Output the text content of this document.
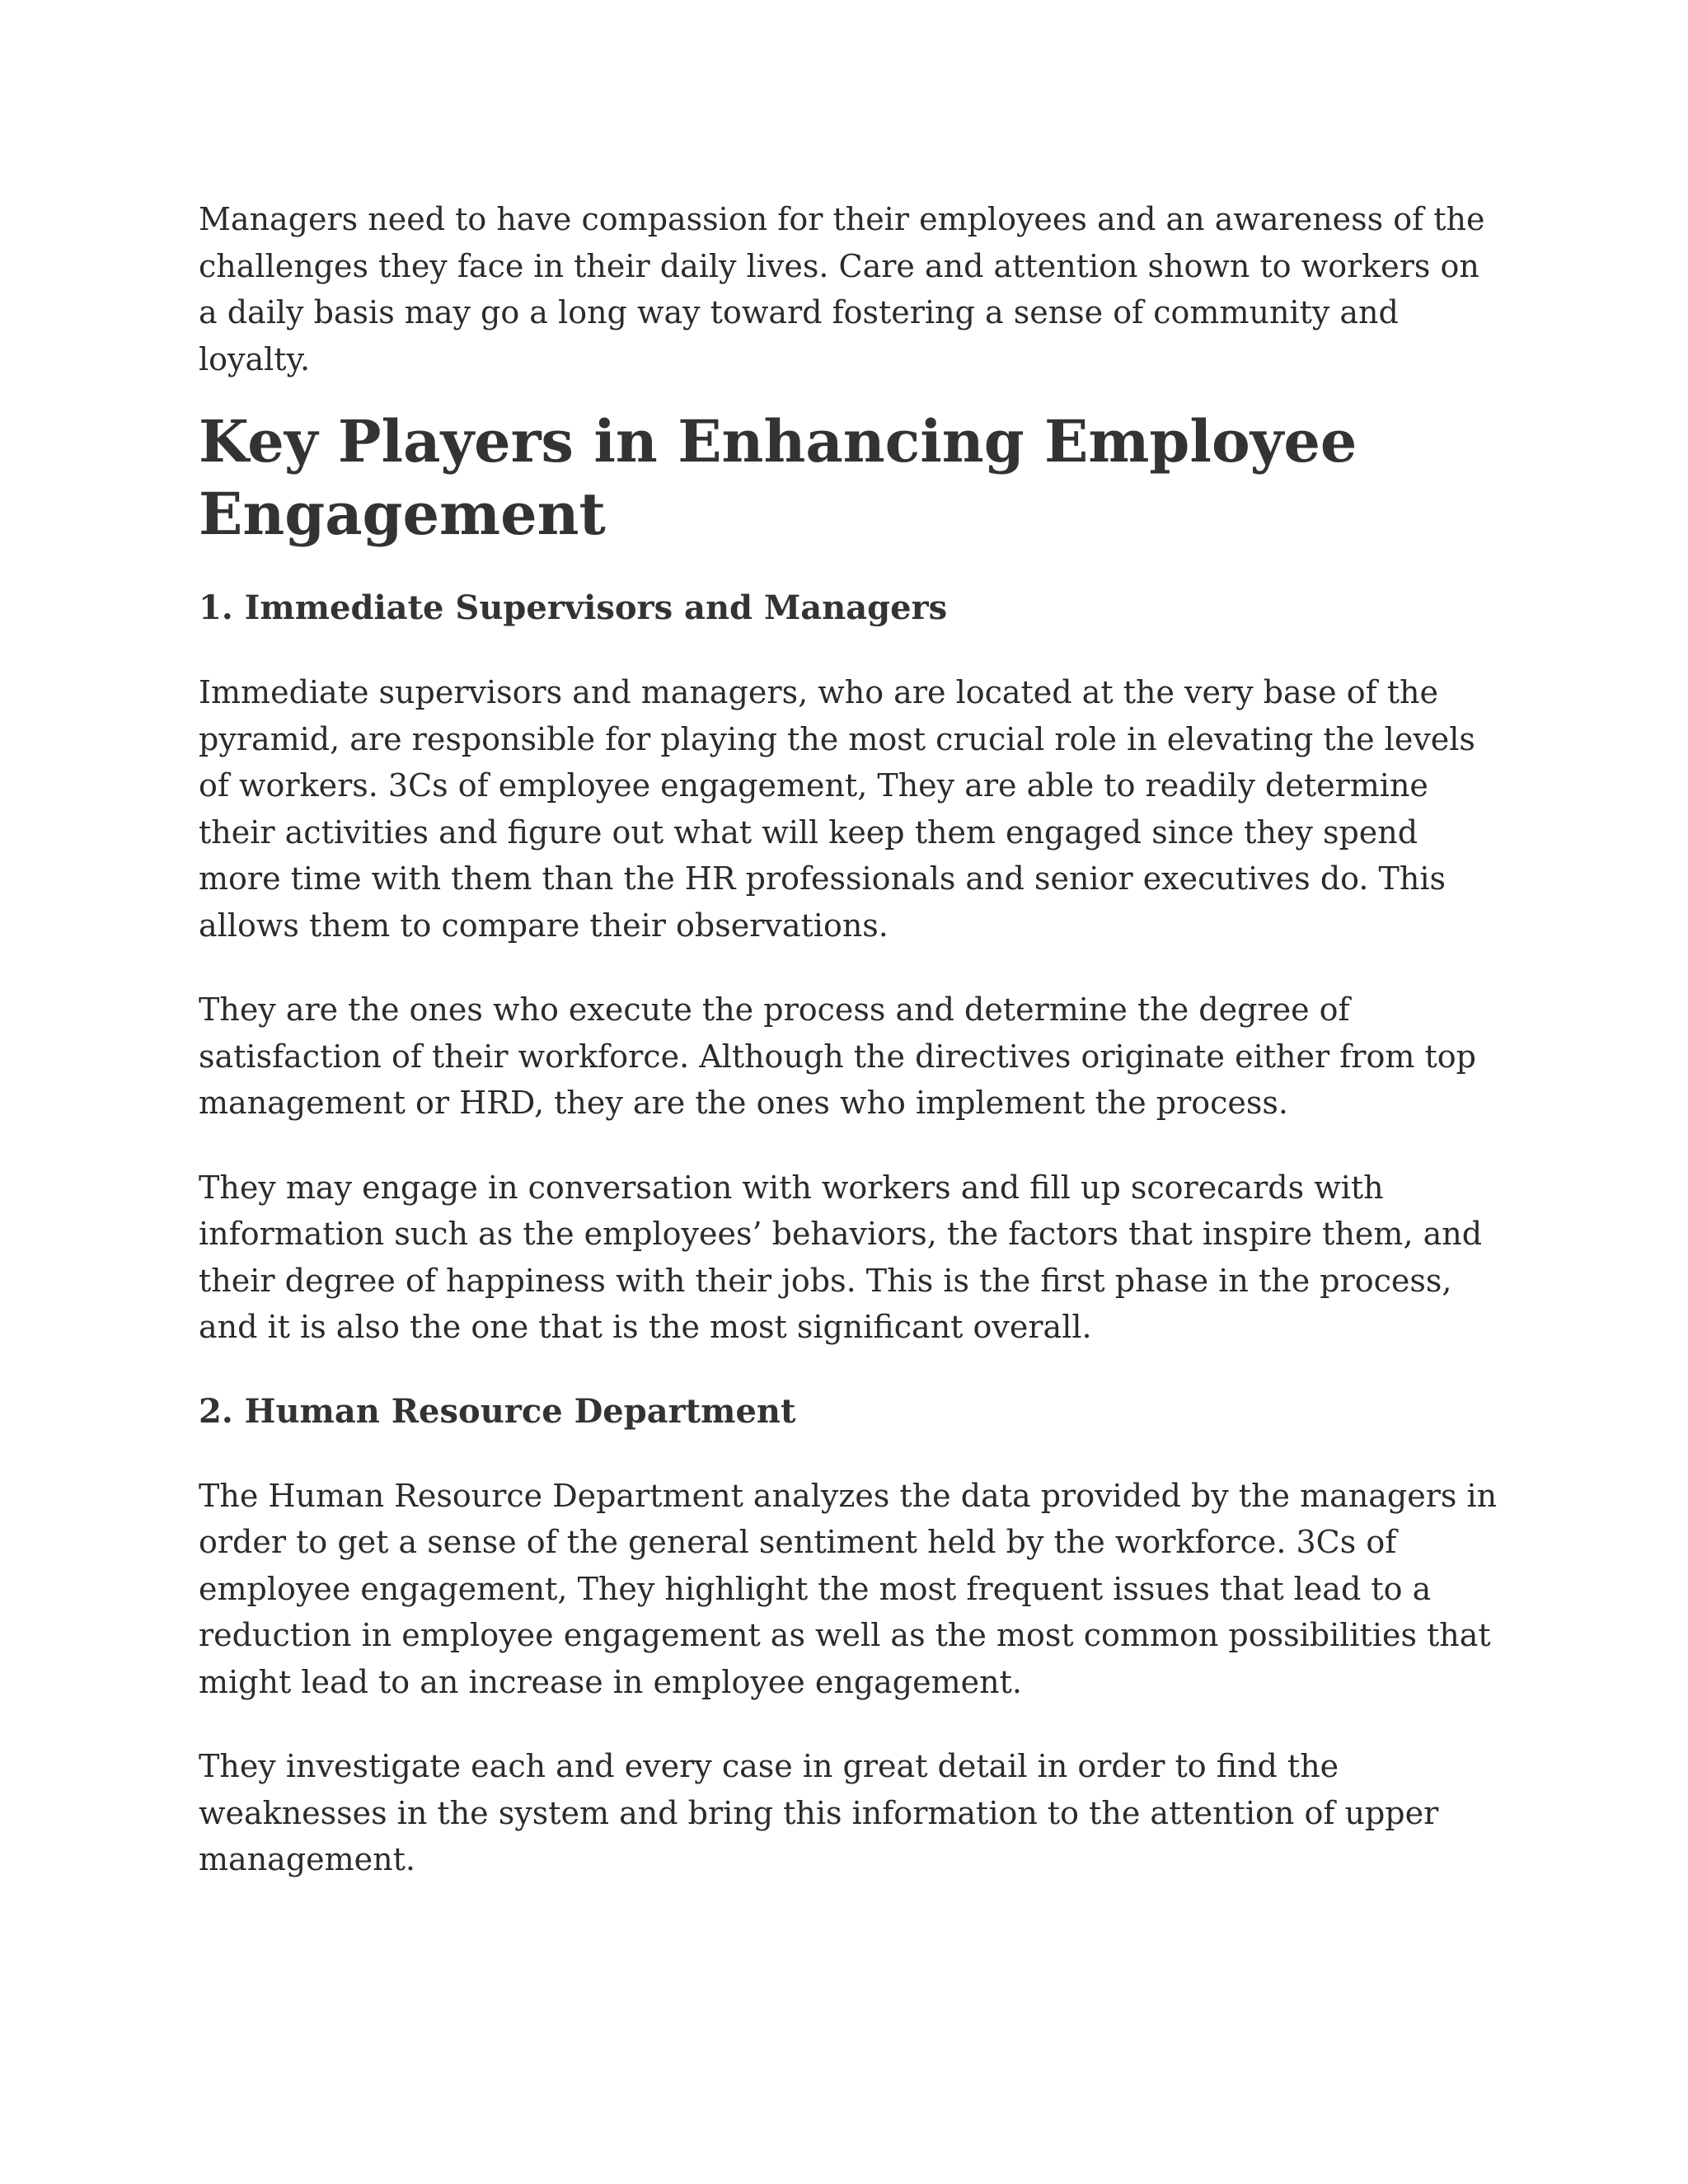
Managers need to have compassion for their employees and an awareness of the challenges they face in their daily lives. Care and attention shown to workers on a daily basis may go a long way toward fostering a sense of community and loyalty.

Key Players in Enhancing Employee Engagement
1. Immediate Supervisors and Managers

Immediate supervisors and managers, who are located at the very base of the pyramid, are responsible for playing the most crucial role in elevating the levels of workers. 3Cs of employee engagement, They are able to readily determine their activities and figure out what will keep them engaged since they spend more time with them than the HR professionals and senior executives do. This allows them to compare their observations.

They are the ones who execute the process and determine the degree of satisfaction of their workforce. Although the directives originate either from top management or HRD, they are the ones who implement the process.

They may engage in conversation with workers and fill up scorecards with information such as the employees’ behaviors, the factors that inspire them, and their degree of happiness with their jobs. This is the first phase in the process, and it is also the one that is the most significant overall.

2. Human Resource Department

The Human Resource Department analyzes the data provided by the managers in order to get a sense of the general sentiment held by the workforce. 3Cs of employee engagement, They highlight the most frequent issues that lead to a reduction in employee engagement as well as the most common possibilities that might lead to an increase in employee engagement.

They investigate each and every case in great detail in order to find the weaknesses in the system and bring this information to the attention of upper management.
